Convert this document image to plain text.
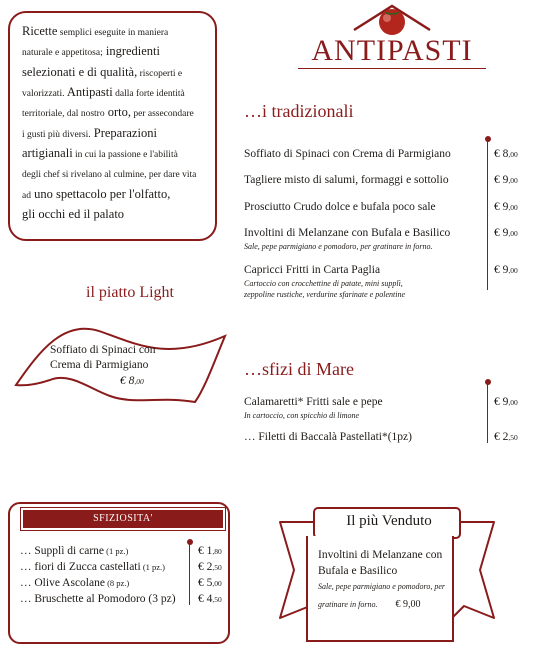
Ricette semplici eseguite in maniera
naturale e appetitosa; ingredienti
selezionati e di qualità, riscoperti e
valorizzati. Antipasti dalla forte identità
territoriale, dal nostro orto, per assecondare
i gusti più diversi. Preparazioni
artigianali in cui la passione e l'abilità
degli chef si rivelano al culmine, per dare vita
ad uno spettacolo per l'olfatto,
gli occhi ed il palato
ANTIPASTI
…i tradizionali
Soffiato di Spinaci con Crema di Parmigiano	€ 8,00
Tagliere misto di salumi, formaggi e sottolio	€ 9,00
Prosciutto Crudo dolce e bufala poco sale	€ 9,00
Involtini di Melanzane con Bufala e Basilico
Sale, pepe parmigiano e pomodoro, per gratinare in forno.
€ 9,00
Capricci Fritti in Carta Paglia
Cartoccio con crocchettine di patate, mini supplì,
zeppoline rustiche, verdurine sfarinate e polentine
€ 9,00
il piatto Light
Soffiato di Spinaci con
Crema di Parmigiano
€ 8,00
…sfizi di Mare
Calamaretti* Fritti sale e pepe
In cartoccio, con spicchio di limone
€ 9,00
… Filetti di Baccalà Pastellati*(1pz)	€ 2,50
SFIZIOSITA'
… Supplì di carne (1 pz.)	€ 1,80
… fiori di Zucca castellati (1 pz.)	€ 2,50
… Olive Ascolane (8 pz.)	€ 5,00
… Bruschette al Pomodoro (3 pz) € 4,50
Il più Venduto
Involtini di Melanzane con
Bufala e Basilico
Sale, pepe parmigiano e pomodoro, per
gratinare in forno. € 9,00
